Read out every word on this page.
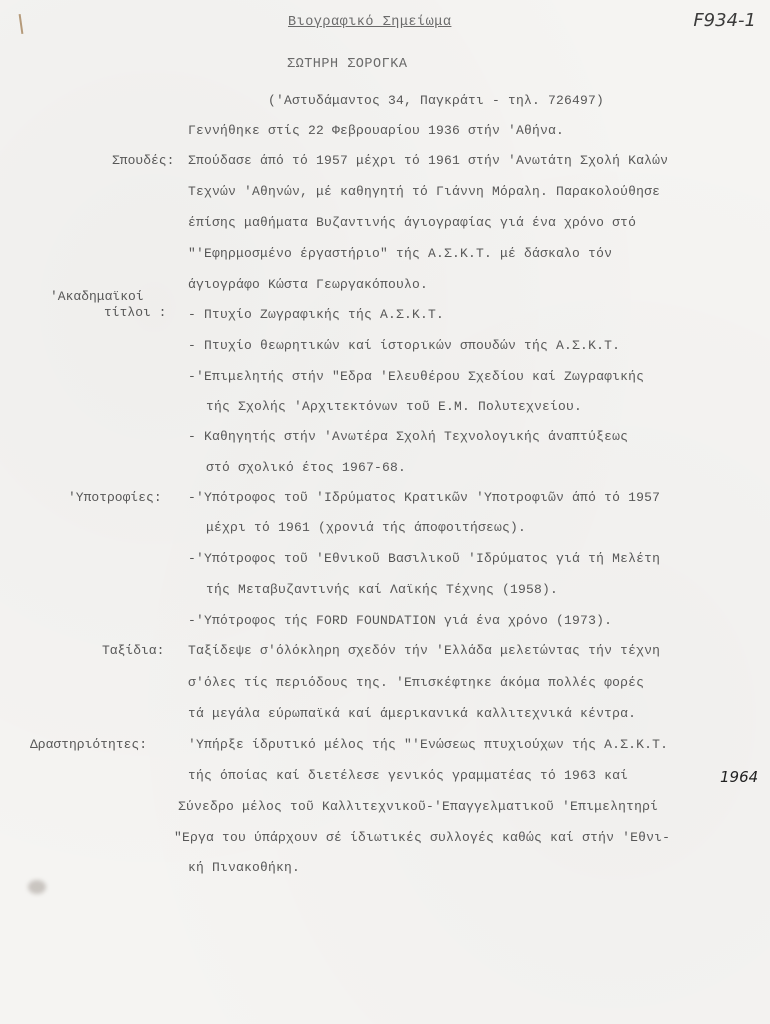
F934-1
Βιογραφικό Σημείωμα
ΣΩΤΗΡΗ ΣΟΡΟΓΚΑ
('Αστυδάμαντος 34, Παγκράτι - τηλ. 726497)
Γεννήθηκε στίς 22 Φεβρουαρίου 1936 στήν 'Αθήνα.
Σπουδές: Σπούδασε άπό τό 1957 μέχρι τό 1961 στήν 'Ανωτάτη Σχολή Καλών
Τεχνών 'Αθηνών, μέ καθηγητή τό Γιάννη Μόραλη. Παρακολούθησε
έπίσης μαθήματα Βυζαντινής άγιογραφίας γιά ένα χρόνο στό
"'Εφηρμοσμένο έργαστήριο" τής Α.Σ.Κ.Τ. μέ δάσκαλο τόν
άγιογράφο Κώστα Γεωργακόπουλο.
'Ακαδημαϊκοί
τίτλοι : - Πτυχίο Ζωγραφικής τής Α.Σ.Κ.Τ.
- Πτυχίο θεωρητικών καί ίστορικών σπουδών τής Α.Σ.Κ.Τ.
-'Επιμελητής στήν "Εδρα 'Ελευθέρου Σχεδίου καί Ζωγραφικής
τής Σχολής 'Αρχιτεκτόνων τοῦ Ε.Μ. Πολυτεχνείου.
- Καθηγητής στήν 'Ανωτέρα Σχολή Τεχνολογικής άναπτύξεως
στό σχολικό έτος 1967-68.
'Υποτροφίες: -'Υπότροφος τοῦ 'Ιδρύματος Κρατικῶν 'Υποτροφιῶν άπό τό 1957
μέχρι τό 1961 (χρονιά τής άποφοιτήσεως).
-'Υπότροφος τοῦ 'Εθνικοῦ Βασιλικοῦ 'Ιδρύματος γιά τή Μελέτη
τής Μεταβυζαντινής καί Λαϊκής Τέχνης (1958).
-'Υπότροφος τής FORD FOUNDATION γιά ένα χρόνο (1973).
Ταξίδια: Ταξίδεψε σ'όλόκληρη σχεδόν τήν 'Ελλάδα μελετώντας τήν τέχνη
σ'όλες τίς περιόδους της. 'Επισκέφτηκε άκόμα πολλές φορές
τά μεγάλα εύρωπαϊκά καί άμερικανικά καλλιτεχνικά κέντρα.
Δραστηριότητες:	'Υπήρξε ίδρυτικό μέλος τής "'Ενώσεως πτυχιούχων τής Α.Σ.Κ.Τ.
τής όποίας καί διετέλεσε γενικός γραμματέας τό 1963 καί	1964
Σύνεδρο μέλος τοῦ Καλλιτεχνικοῦ-'Επαγγελματικοῦ 'Επιμελητηρί
"Εργα του ύπάρχουν σέ ίδιωτικές συλλογές καθώς καί στήν 'Εθνι-
κή Πινακοθήκη.
